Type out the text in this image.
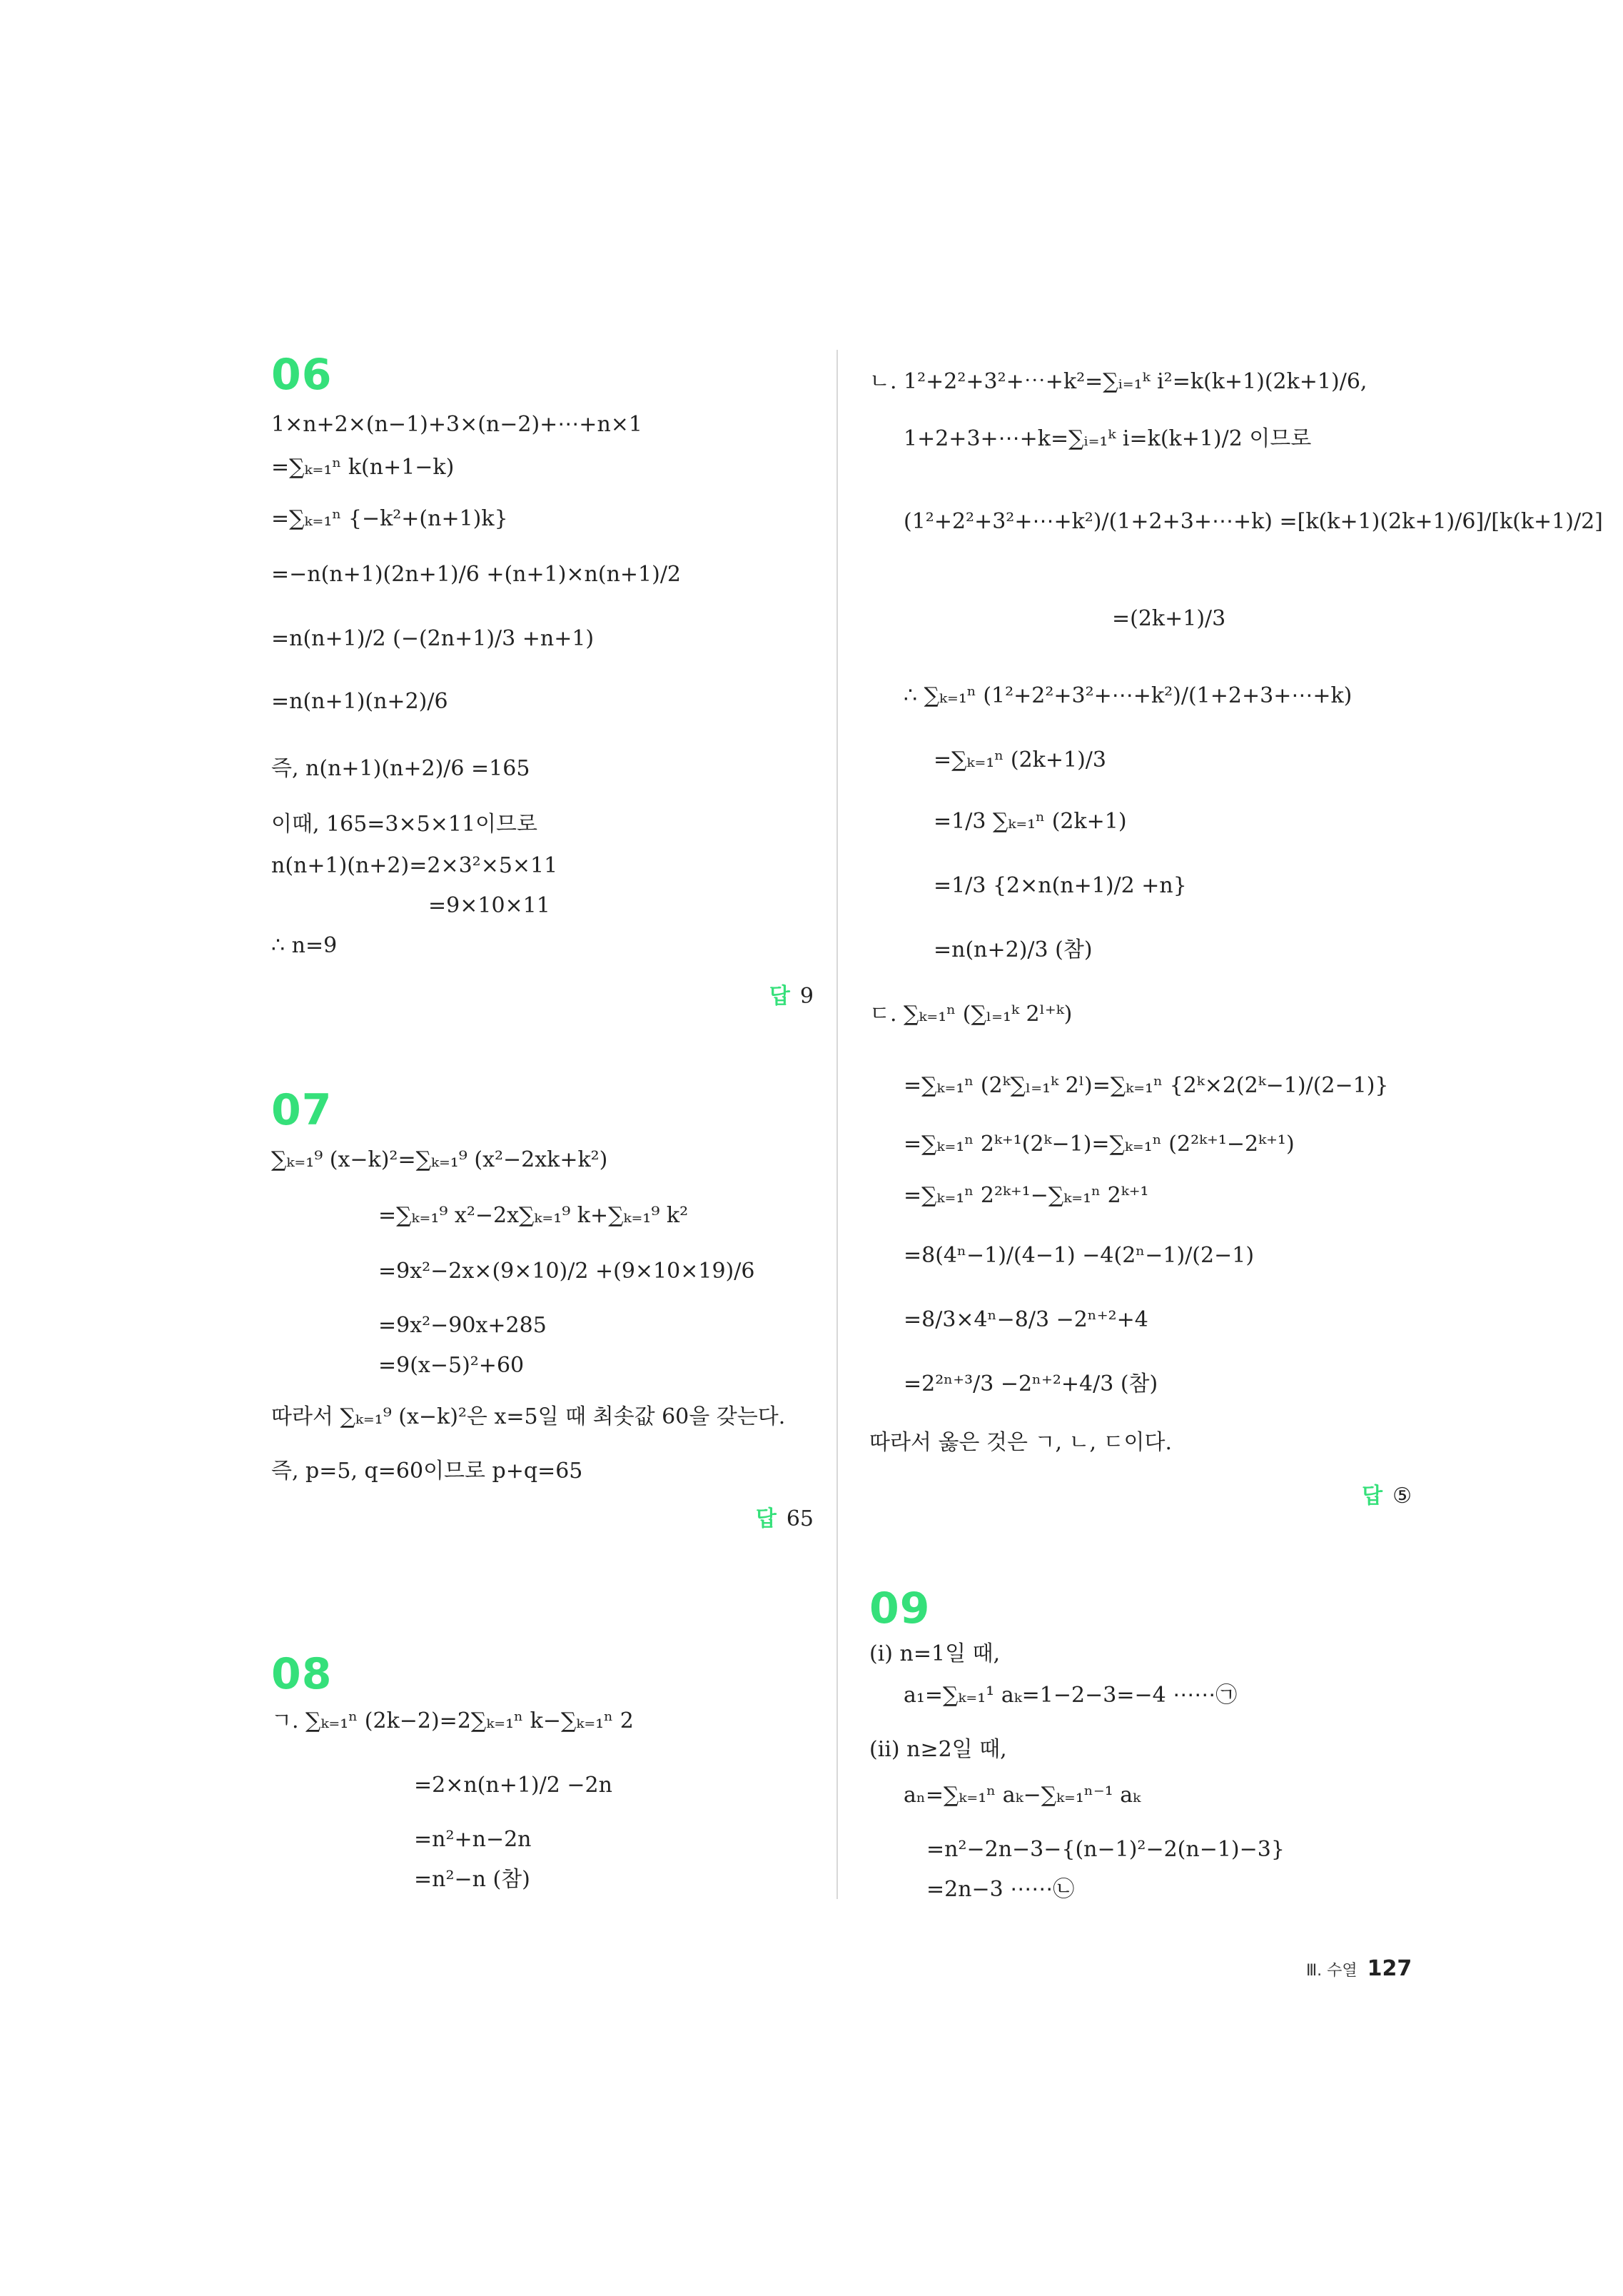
06
1×n+2×(n−1)+3×(n−2)+⋯+n×1
=∑ₖ₌₁ⁿ k(n+1−k)
=∑ₖ₌₁ⁿ {−k²+(n+1)k}
=−n(n+1)(2n+1)/6 +(n+1)×n(n+1)/2
=n(n+1)/2 (−(2n+1)/3 +n+1)
=n(n+1)(n+2)/6
즉, n(n+1)(n+2)/6 =165
이때, 165=3×5×11이므로
n(n+1)(n+2)=2×3²×5×11
=9×10×11
∴ n=9
답 9
07
∑ₖ₌₁⁹ (x−k)²=∑ₖ₌₁⁹ (x²−2xk+k²)
=∑ₖ₌₁⁹ x²−2x∑ₖ₌₁⁹ k+∑ₖ₌₁⁹ k²
=9x²−2x×(9×10)/2 +(9×10×19)/6
=9x²−90x+285
=9(x−5)²+60
따라서 ∑ₖ₌₁⁹ (x−k)²은 x=5일 때 최솟값 60을 갖는다.
즉, p=5, q=60이므로 p+q=65
답 65
08
ㄱ. ∑ₖ₌₁ⁿ (2k−2)=2∑ₖ₌₁ⁿ k−∑ₖ₌₁ⁿ 2
=2×n(n+1)/2 −2n
=n²+n−2n
=n²−n (참)
ㄴ. 1²+2²+3²+⋯+k²=∑ᵢ₌₁ᵏ i²=k(k+1)(2k+1)/6,
1+2+3+⋯+k=∑ᵢ₌₁ᵏ i=k(k+1)/2 이므로
(1²+2²+3²+⋯+k²)/(1+2+3+⋯+k) =[k(k+1)(2k+1)/6]/[k(k+1)/2]
=(2k+1)/3
∴ ∑ₖ₌₁ⁿ (1²+2²+3²+⋯+k²)/(1+2+3+⋯+k)
=∑ₖ₌₁ⁿ (2k+1)/3
=1/3 ∑ₖ₌₁ⁿ (2k+1)
=1/3 {2×n(n+1)/2 +n}
=n(n+2)/3 (참)
ㄷ. ∑ₖ₌₁ⁿ (∑ₗ₌₁ᵏ 2ˡ⁺ᵏ)
=∑ₖ₌₁ⁿ (2ᵏ∑ₗ₌₁ᵏ 2ˡ)=∑ₖ₌₁ⁿ {2ᵏ×2(2ᵏ−1)/(2−1)}
=∑ₖ₌₁ⁿ 2ᵏ⁺¹(2ᵏ−1)=∑ₖ₌₁ⁿ (2²ᵏ⁺¹−2ᵏ⁺¹)
=∑ₖ₌₁ⁿ 2²ᵏ⁺¹−∑ₖ₌₁ⁿ 2ᵏ⁺¹
=8(4ⁿ−1)/(4−1) −4(2ⁿ−1)/(2−1)
=8/3×4ⁿ−8/3 −2ⁿ⁺²+4
=2²ⁿ⁺³/3 −2ⁿ⁺²+4/3 (참)
따라서 옳은 것은 ㄱ, ㄴ, ㄷ이다.
답 ⑤
09
(ⅰ) n=1일 때,
a₁=∑ₖ₌₁¹ aₖ=1−2−3=−4 ⋯⋯㉠
(ⅱ) n≥2일 때,
aₙ=∑ₖ₌₁ⁿ aₖ−∑ₖ₌₁ⁿ⁻¹ aₖ
=n²−2n−3−{(n−1)²−2(n−1)−3}
=2n−3 ⋯⋯㉡
Ⅲ. 수열 127
